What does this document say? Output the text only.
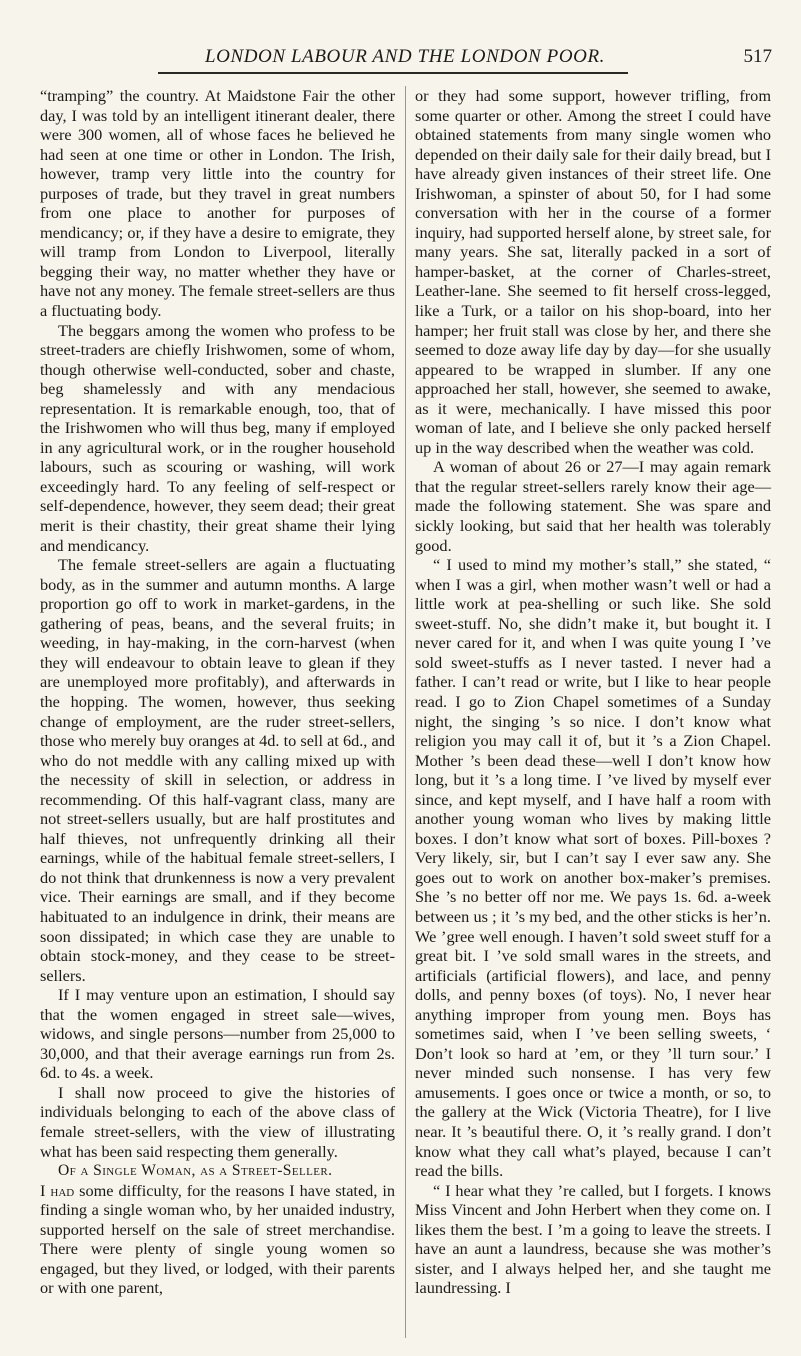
LONDON LABOUR AND THE LONDON POOR.	517

“tramping” the country. At Maidstone Fair the other day, I was told by an intelligent itinerant dealer, there were 300 women, all of whose faces he believed he had seen at one time or other in London. The Irish, however, tramp very little into the country for purposes of trade, but they travel in great numbers from one place to another for purposes of mendicancy; or, if they have a desire to emigrate, they will tramp from London to Liverpool, literally begging their way, no matter whether they have or have not any money. The female street-sellers are thus a fluctuating body.

The beggars among the women who profess to be street-traders are chiefly Irishwomen, some of whom, though otherwise well-conducted, sober and chaste, beg shamelessly and with any mendacious representation. It is remarkable enough, too, that of the Irishwomen who will thus beg, many if employed in any agricultural work, or in the rougher household labours, such as scouring or washing, will work exceedingly hard. To any feeling of self-respect or self-dependence, however, they seem dead; their great merit is their chastity, their great shame their lying and mendicancy.

The female street-sellers are again a fluctuating body, as in the summer and autumn months. A large proportion go off to work in market-gardens, in the gathering of peas, beans, and the several fruits; in weeding, in hay-making, in the corn-harvest (when they will endeavour to obtain leave to glean if they are unemployed more profitably), and afterwards in the hopping. The women, however, thus seeking change of employment, are the ruder street-sellers, those who merely buy oranges at 4d. to sell at 6d., and who do not meddle with any calling mixed up with the necessity of skill in selection, or address in recommending. Of this half-vagrant class, many are not street-sellers usually, but are half prostitutes and half thieves, not unfrequently drinking all their earnings, while of the habitual female street-sellers, I do not think that drunkenness is now a very prevalent vice. Their earnings are small, and if they become habituated to an indulgence in drink, their means are soon dissipated; in which case they are unable to obtain stock-money, and they cease to be street-sellers.

If I may venture upon an estimation, I should say that the women engaged in street sale—wives, widows, and single persons—number from 25,000 to 30,000, and that their average earnings run from 2s. 6d. to 4s. a week.

I shall now proceed to give the histories of individuals belonging to each of the above class of female street-sellers, with the view of illustrating what has been said respecting them generally.

Of a Single Woman, as a Street-Seller.

I had some difficulty, for the reasons I have stated, in finding a single woman who, by her unaided industry, supported herself on the sale of street merchandise. There were plenty of single young women so engaged, but they lived, or lodged, with their parents or with one parent,

or they had some support, however trifling, from some quarter or other. Among the street I could have obtained statements from many single women who depended on their daily sale for their daily bread, but I have already given instances of their street life. One Irishwoman, a spinster of about 50, for I had some conversation with her in the course of a former inquiry, had supported herself alone, by street sale, for many years. She sat, literally packed in a sort of hamper-basket, at the corner of Charles-street, Leather-lane. She seemed to fit herself cross-legged, like a Turk, or a tailor on his shop-board, into her hamper; her fruit stall was close by her, and there she seemed to doze away life day by day—for she usually appeared to be wrapped in slumber. If any one approached her stall, however, she seemed to awake, as it were, mechanically. I have missed this poor woman of late, and I believe she only packed herself up in the way described when the weather was cold.

A woman of about 26 or 27—I may again remark that the regular street-sellers rarely know their age—made the following statement. She was spare and sickly looking, but said that her health was tolerably good.

“ I used to mind my mother’s stall,” she stated, “ when I was a girl, when mother wasn’t well or had a little work at pea-shelling or such like. She sold sweet-stuff. No, she didn’t make it, but bought it. I never cared for it, and when I was quite young I ’ve sold sweet-stuffs as I never tasted. I never had a father. I can’t read or write, but I like to hear people read. I go to Zion Chapel sometimes of a Sunday night, the singing ’s so nice. I don’t know what religion you may call it of, but it ’s a Zion Chapel. Mother ’s been dead these—well I don’t know how long, but it ’s a long time. I ’ve lived by myself ever since, and kept myself, and I have half a room with another young woman who lives by making little boxes. I don’t know what sort of boxes. Pill-boxes ? Very likely, sir, but I can’t say I ever saw any. She goes out to work on another box-maker’s premises. She ’s no better off nor me. We pays 1s. 6d. a-week between us ; it ’s my bed, and the other sticks is her’n. We ’gree well enough. I haven’t sold sweet stuff for a great bit. I ’ve sold small wares in the streets, and artificials (artificial flowers), and lace, and penny dolls, and penny boxes (of toys). No, I never hear anything improper from young men. Boys has sometimes said, when I ’ve been selling sweets, ‘ Don’t look so hard at ’em, or they ’ll turn sour.’ I never minded such nonsense. I has very few amusements. I goes once or twice a month, or so, to the gallery at the Wick (Victoria Theatre), for I live near. It ’s beautiful there. O, it ’s really grand. I don’t know what they call what’s played, because I can’t read the bills.

“ I hear what they ’re called, but I forgets. I knows Miss Vincent and John Herbert when they come on. I likes them the best. I ’m a going to leave the streets. I have an aunt a laundress, because she was mother’s sister, and I always helped her, and she taught me laundressing. I
